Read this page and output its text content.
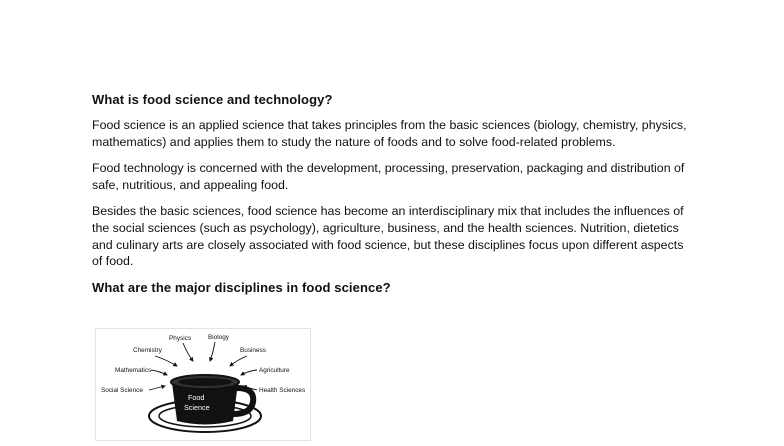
What is food science and technology?

Food science is an applied science that takes principles from the basic sciences (biology, chemistry, physics, mathematics) and applies them to study the nature of foods and to solve food-related problems.

Food technology is concerned with the development, processing, preservation, packaging and distribution of safe, nutritious, and appealing food.

Besides the basic sciences, food science has become an interdisciplinary mix that includes the influences of the social sciences (such as psychology), agriculture, business, and the health sciences. Nutrition, dietetics and culinary arts are closely associated with food science, but these disciplines focus upon different aspects of food.

What are the major disciplines in food science?
Food
Science
Physics	Biology
Chemistry	Business
Mathematics	Agriculture
Social Science	Health Sciences
